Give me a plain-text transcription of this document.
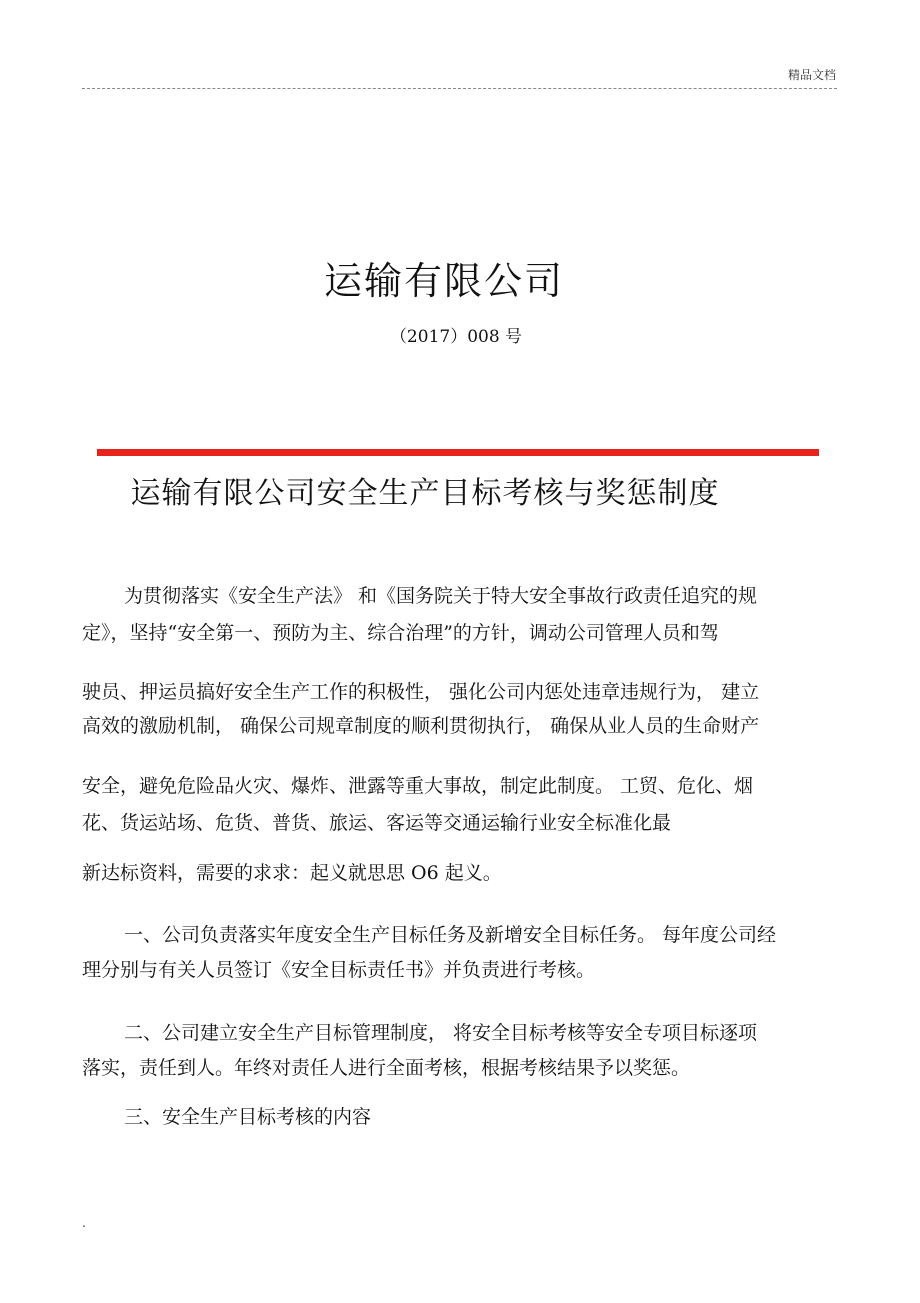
精品文档
运输有限公司
（2017）008 号
运输有限公司安全生产目标考核与奖惩制度
为贯彻落实《安全生产法》 和《国务院关于特大安全事故行政责任追究的规
定》，坚持“安全第一、预防为主、综合治理”的方针，调动公司管理人员和驾
驶员、押运员搞好安全生产工作的积极性， 强化公司内惩处违章违规行为， 建立
高效的激励机制， 确保公司规章制度的顺利贯彻执行， 确保从业人员的生命财产
安全，避免危险品火灾、爆炸、泄露等重大事故，制定此制度。 工贸、危化、烟
花、货运站场、危货、普货、旅运、客运等交通运输行业安全标准化最
新达标资料，需要的求求：起义就思思 O6 起义。
一、公司负责落实年度安全生产目标任务及新增安全目标任务。 每年度公司经
理分别与有关人员签订《安全目标责任书》并负责进行考核。
二、公司建立安全生产目标管理制度， 将安全目标考核等安全专项目标逐项
落实，责任到人。年终对责任人进行全面考核，根据考核结果予以奖惩。
三、安全生产目标考核的内容
.
